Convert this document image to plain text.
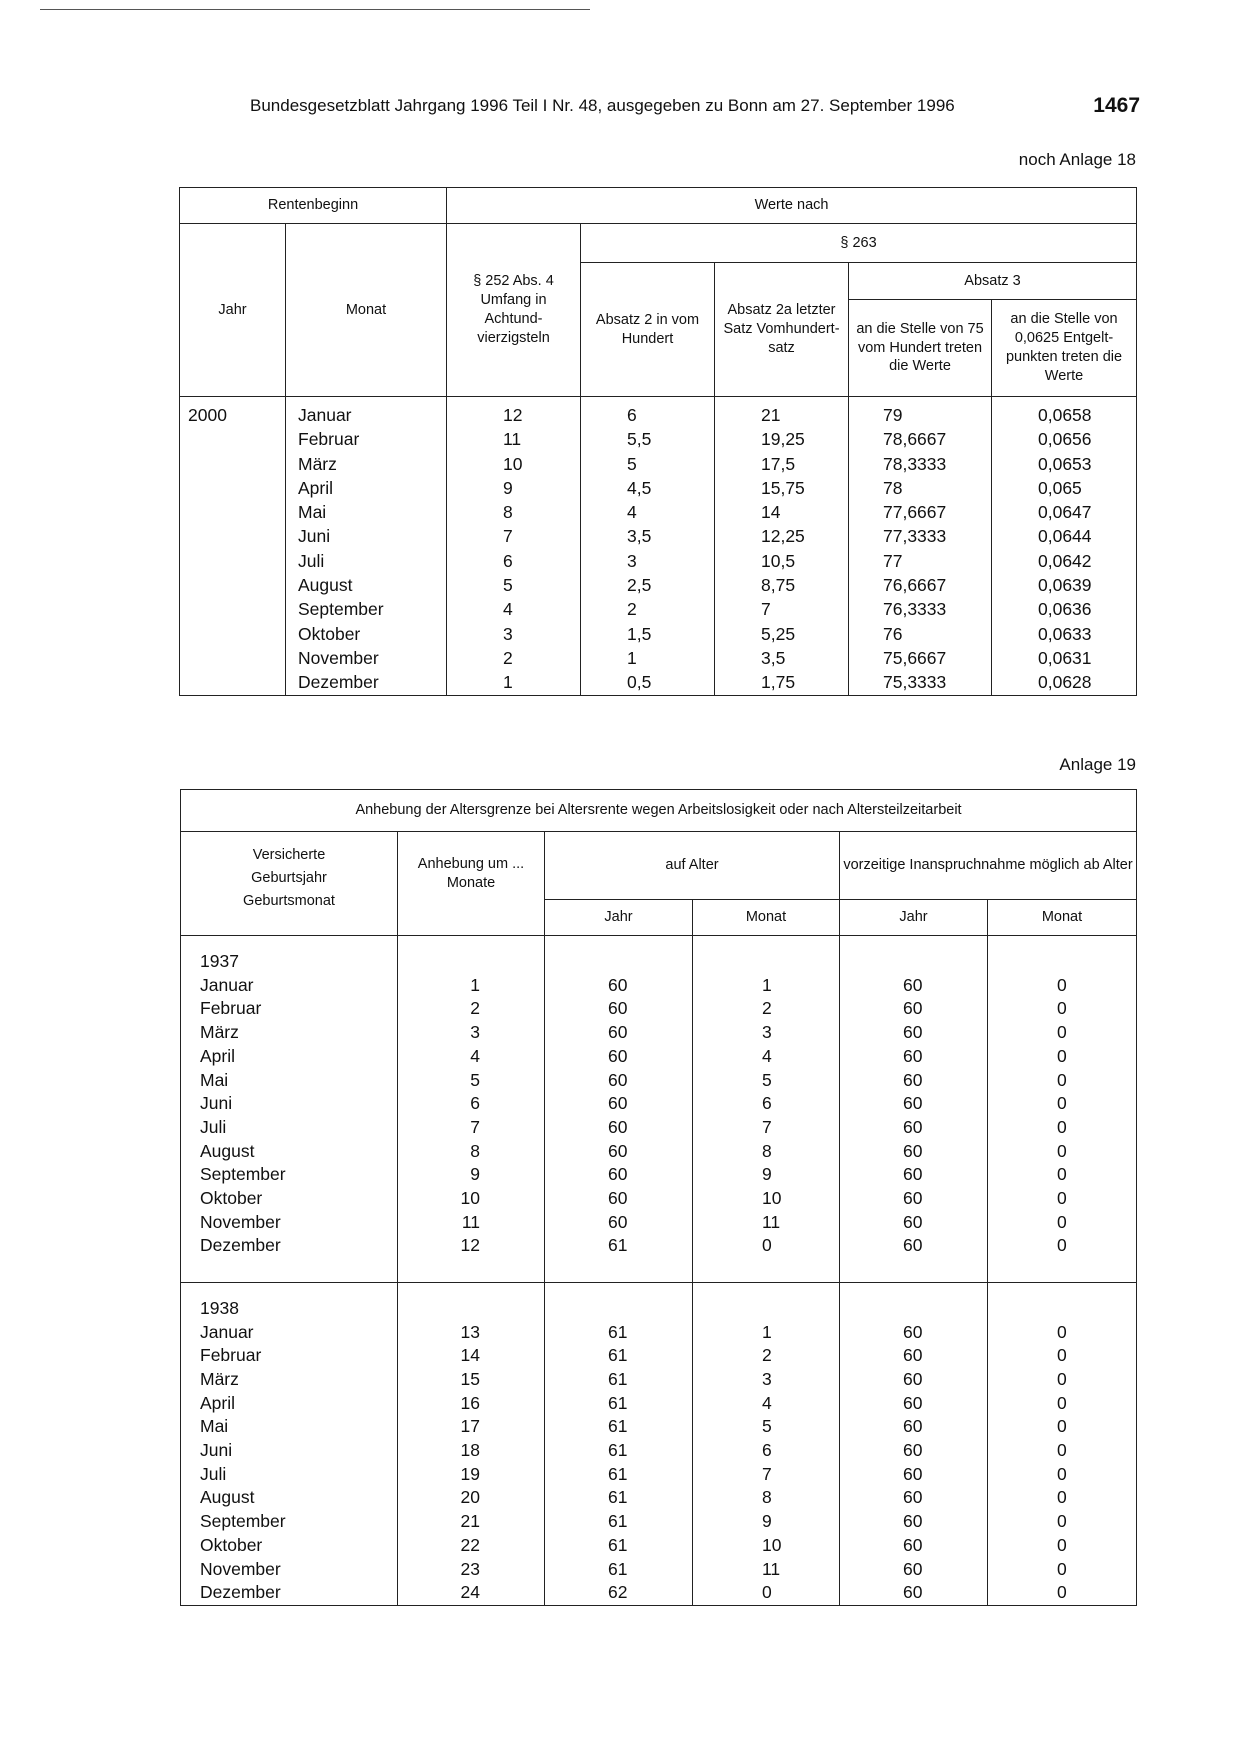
Bundesgesetzblatt Jahrgang 1996 Teil I Nr. 48, ausgegeben zu Bonn am 27. September 1996	1467
noch Anlage 18
Rentenbeginn		Werte nach				
Jahr	Monat	§ 252 Abs. 4 Umfang in Achtund-vierzigsteln	§ 263			
			Absatz 2 in vom Hundert	Absatz 2a letzter Satz Vomhundert-satz	Absatz 3	
					an die Stelle von 75 vom Hundert treten die Werte	an die Stelle von 0,0625 Entgelt-punkten treten die Werte
2000	Januar	12	6	21	79	0,0658
	Februar	11	5,5	19,25	78,6667	0,0656
	März	10	5	17,5	78,3333	0,0653
	April	9	4,5	15,75	78	0,065
	Mai	8	4	14	77,6667	0,0647
	Juni	7	3,5	12,25	77,3333	0,0644
	Juli	6	3	10,5	77	0,0642
	August	5	2,5	8,75	76,6667	0,0639
	September	4	2	7	76,3333	0,0636
	Oktober	3	1,5	5,25	76	0,0633
	November	2	1	3,5	75,6667	0,0631
	Dezember	1	0,5	1,75	75,3333	0,0628
Anlage 19
Anhebung der Altersgrenze bei Altersrente wegen Arbeitslosigkeit oder nach Altersteilzeitarbeit					
Versicherte
Geburtsjahr
Geburtsmonat	Anhebung um ... Monate	auf Alter		vorzeitige Inanspruchnahme möglich ab Alter	
		Jahr	Monat	Jahr	Monat
1937					
Januar	1	60	1	60	0
Februar	2	60	2	60	0
März	3	60	3	60	0
April	4	60	4	60	0
Mai	5	60	5	60	0
Juni	6	60	6	60	0
Juli	7	60	7	60	0
August	8	60	8	60	0
September	9	60	9	60	0
Oktober	10	60	10	60	0
November	11	60	11	60	0
Dezember	12	61	0	60	0

1938					
Januar	13	61	1	60	0
Februar	14	61	2	60	0
März	15	61	3	60	0
April	16	61	4	60	0
Mai	17	61	5	60	0
Juni	18	61	6	60	0
Juli	19	61	7	60	0
August	20	61	8	60	0
September	21	61	9	60	0
Oktober	22	61	10	60	0
November	23	61	11	60	0
Dezember	24	62	0	60	0
